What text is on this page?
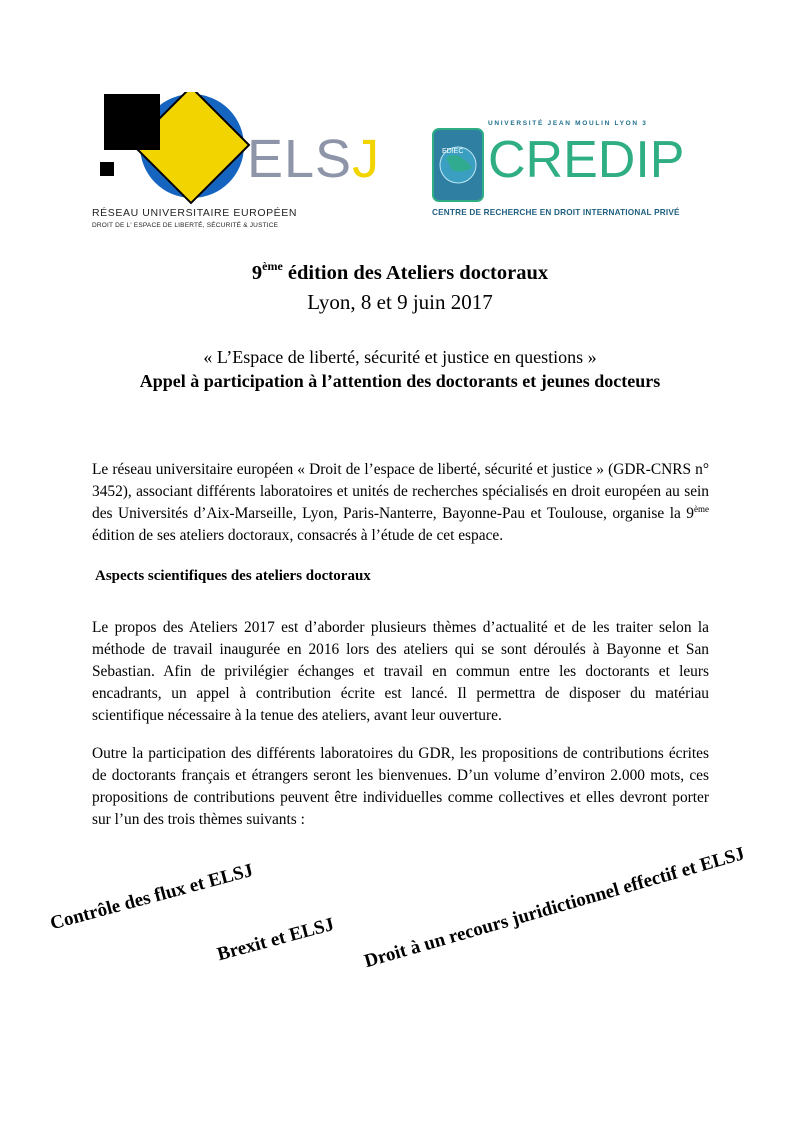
ELSJ
RÉSEAU UNIVERSITAIRE EUROPÉEN
DROIT DE L' ESPACE DE LIBERTÉ, SÉCURITÉ & JUSTICE
EDIEC
UNIVERSITÉ JEAN MOULIN LYON 3
CREDIP
CENTRE DE RECHERCHE EN DROIT INTERNATIONAL PRIVÉ
9ème édition des Ateliers doctoraux
Lyon, 8 et 9 juin 2017
« L’Espace de liberté, sécurité et justice en questions »
Appel à participation à l’attention des doctorants et jeunes docteurs
Le réseau universitaire européen « Droit de l’espace de liberté, sécurité et justice » (GDR-CNRS n° 3452), associant différents laboratoires et unités de recherches spécialisés en droit européen au sein des Universités d’Aix-Marseille, Lyon, Paris-Nanterre, Bayonne-Pau et Toulouse, organise la 9ème édition de ses ateliers doctoraux, consacrés à l’étude de cet espace.
Aspects scientifiques des ateliers doctoraux
Le propos des Ateliers 2017 est d’aborder plusieurs thèmes d’actualité et de les traiter selon la méthode de travail inaugurée en 2016 lors des ateliers qui se sont déroulés à Bayonne et San Sebastian. Afin de privilégier échanges et travail en commun entre les doctorants et leurs encadrants, un appel à contribution écrite est lancé. Il permettra de disposer du matériau scientifique nécessaire à la tenue des ateliers, avant leur ouverture.
Outre la participation des différents laboratoires du GDR, les propositions de contributions écrites de doctorants français et étrangers seront les bienvenues. D’un volume d’environ 2.000 mots, ces propositions de contributions peuvent être individuelles comme collectives et elles devront porter sur l’un des trois thèmes suivants :
Contrôle des flux et ELSJ
Brexit et ELSJ Droit à un recours juridictionnel effectif et ELSJ
